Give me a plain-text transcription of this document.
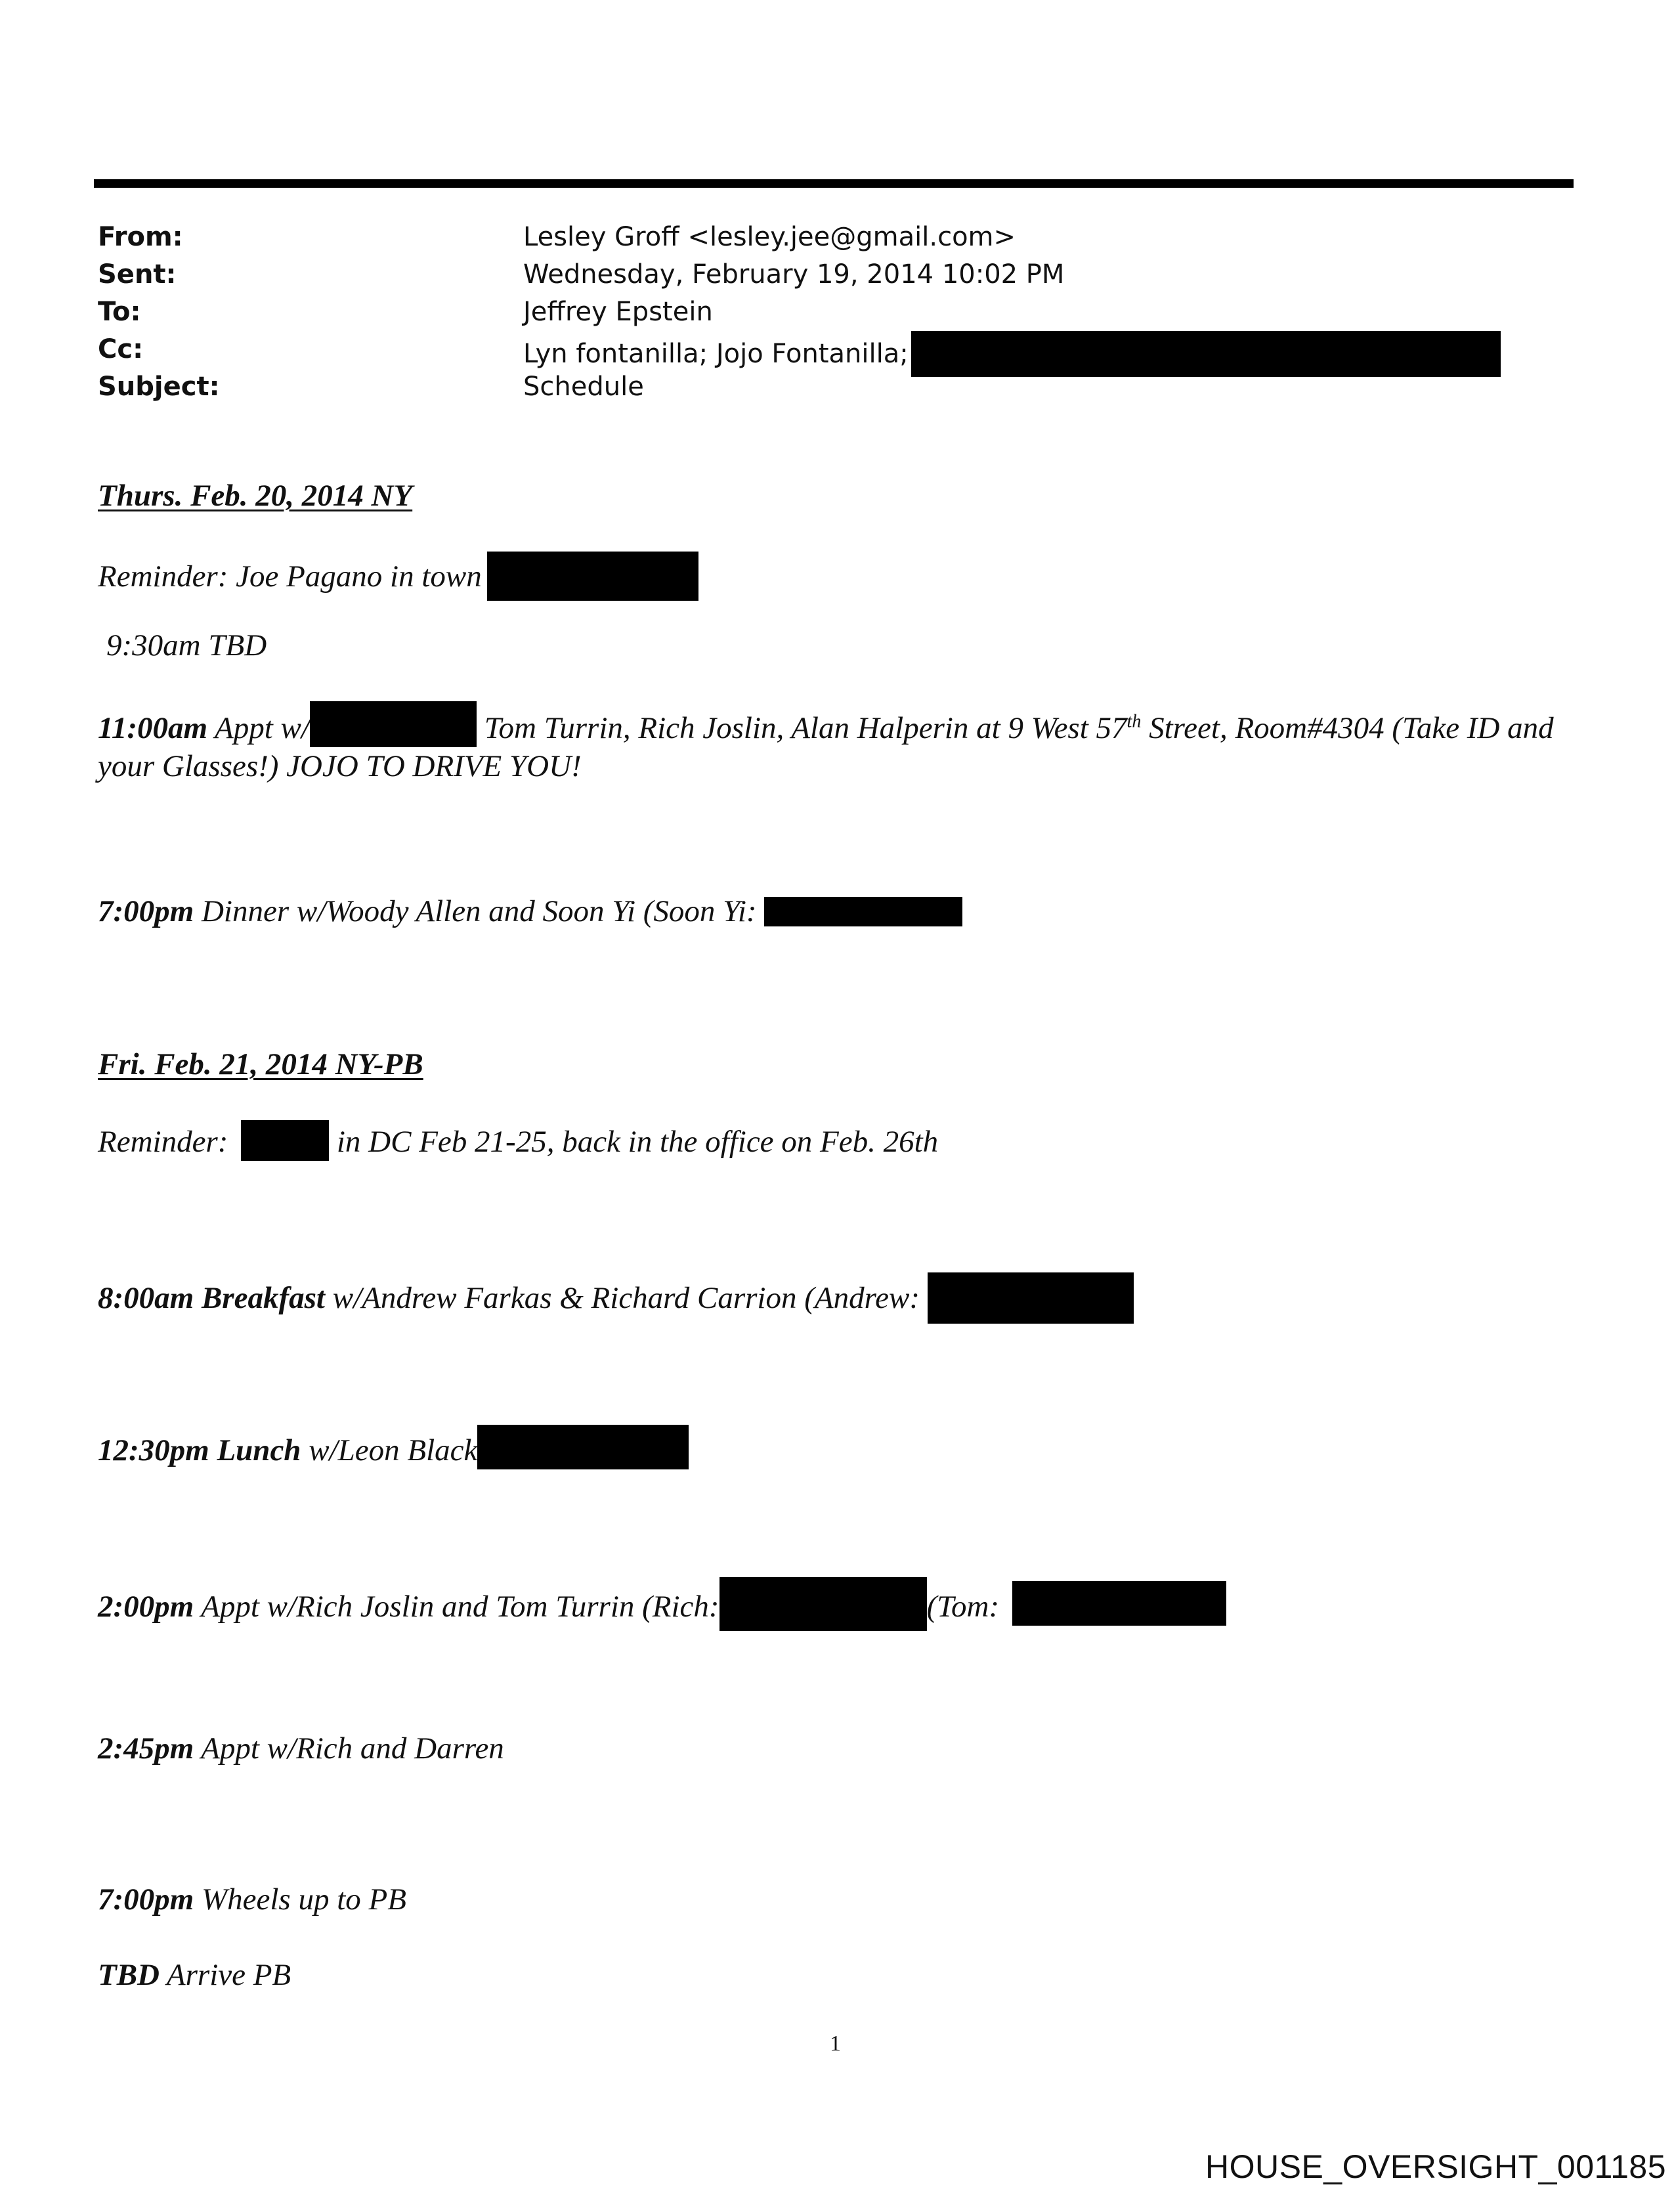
From:	Lesley Groff <lesley.jee@gmail.com>
Sent:	Wednesday, February 19, 2014 10:02 PM
To:	Jeffrey Epstein
Cc:	Lyn fontanilla; Jojo Fontanilla;
Subject:	Schedule
Thurs. Feb. 20, 2014 NY
Reminder: Joe Pagano in town
9:30am TBD
11:00am Appt w/	Tom Turrin, Rich Joslin, Alan Halperin at 9 West 57th Street, Room#4304 (Take ID and your Glasses!) JOJO TO DRIVE YOU!
7:00pm Dinner w/Woody Allen and Soon Yi (Soon Yi:
Fri. Feb. 21, 2014 NY-PB
Reminder:	in DC Feb 21-25, back in the office on Feb. 26th
8:00am Breakfast w/Andrew Farkas & Richard Carrion (Andrew:
12:30pm Lunch w/Leon Black
2:00pm Appt w/Rich Joslin and Tom Turrin (Rich:	(Tom:
2:45pm Appt w/Rich and Darren
7:00pm Wheels up to PB
TBD Arrive PB
1
HOUSE_OVERSIGHT_001185
